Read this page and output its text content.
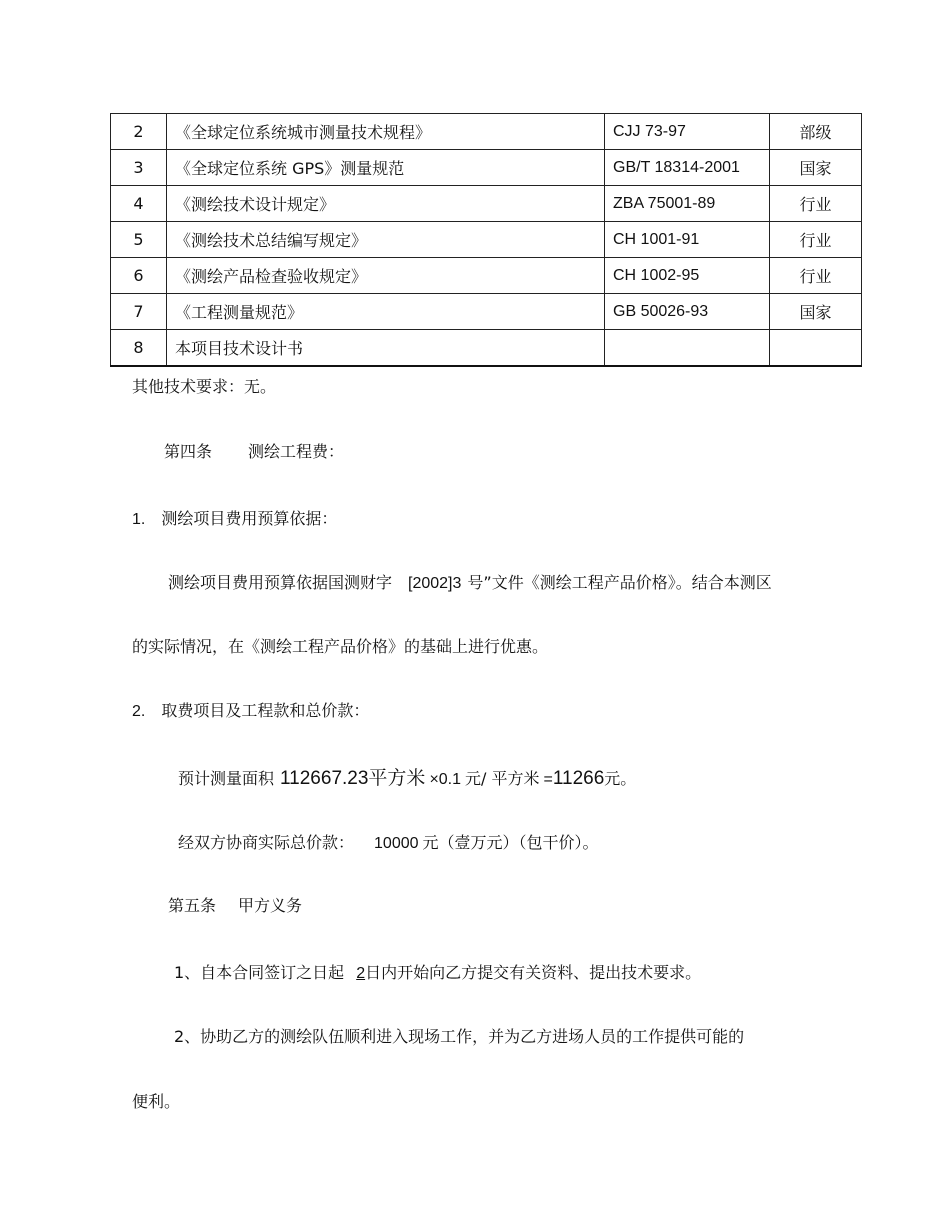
2	《全球定位系统城市测量技术规程》	CJJ 73-97	部级
3	《全球定位系统 GPS》测量规范	GB/T 18314-2001	国家
4	《测绘技术设计规定》	ZBA 75001-89	行业
5	《测绘技术总结编写规定》	CH 1001-91	行业
6	《测绘产品检查验收规定》	CH 1002-95	行业
7	《工程测量规范》	GB 50026-93	国家
8	本项目技术设计书		
其他技术要求：无。
第四条 测绘工程费：
1. 测绘项目费用预算依据：
测绘项目费用预算依据国测财字 [2002]3 号”文件《测绘工程产品价格》。结合本测区
的实际情况，在《测绘工程产品价格》的基础上进行优惠。
2. 取费项目及工程款和总价款：
预计测量面积 112667.23平方米 ×0.1 元/ 平方米 =11266元。
经双方协商实际总价款： 10000 元（壹万元）（包干价）。
第五条 甲方义务
1、自本合同签订之日起 2日内开始向乙方提交有关资料、提出技术要求。
2、协助乙方的测绘队伍顺利进入现场工作，并为乙方进场人员的工作提供可能的
便利。
